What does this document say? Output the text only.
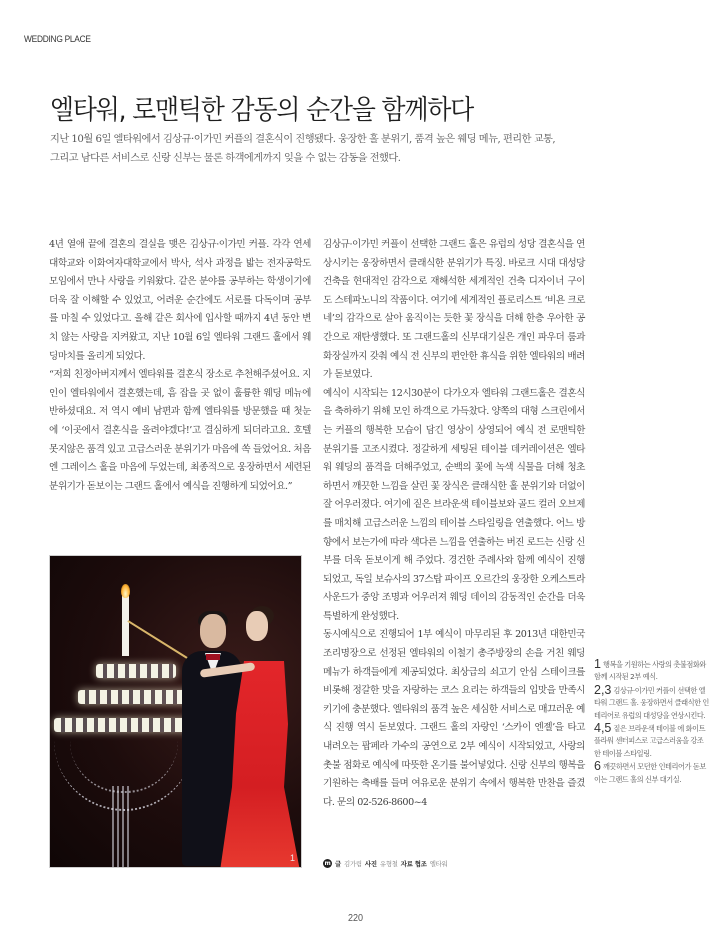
WEDDING PLACE
엘타워, 로맨틱한 감동의 순간을 함께하다

지난 10월 6일 엘타워에서 김상규·이가민 커플의 결혼식이 진행됐다. 웅장한 홀 분위기, 품격 높은 웨딩 메뉴, 편리한 교통,

그리고 남다른 서비스로 신랑 신부는 물론 하객에게까지 잊을 수 없는 감동을 전했다.

4년 열애 끝에 결혼의 결실을 맺은 김상규·이가민 커플. 각각 연세대학교와 이화여자대학교에서 박사, 석사 과정을 밟는 전자공학도 모임에서 만나 사랑을 키워왔다. 같은 분야를 공부하는 학생이기에 더욱 잘 이해할 수 있었고, 어려운 순간에도 서로를 다독이며 공부를 마칠 수 있었다고. 올해 같은 회사에 입사할 때까지 4년 동안 변치 않는 사랑을 지켜왔고, 지난 10월 6일 엘타워 그랜드 홀에서 웨딩마치를 올리게 되었다.

“저희 친정아버지께서 엘타워를 결혼식 장소로 추천해주셨어요. 지인이 엘타워에서 결혼했는데, 흠 잡을 곳 없이 훌륭한 웨딩 메뉴에 반하셨대요. 저 역시 예비 남편과 함께 엘타워를 방문했을 때 첫눈에 ‘이곳에서 결혼식을 올려야겠다!’고 결심하게 되더라고요. 호텔 못지않은 품격 있고 고급스러운 분위기가 마음에 쏙 들었어요. 처음엔 그레이스 홀을 마음에 두었는데, 최종적으로 웅장하면서 세련된 분위기가 돋보이는 그랜드 홀에서 예식을 진행하게 되었어요.”

1

김상규·이가민 커플이 선택한 그랜드 홀은 유럽의 성당 결혼식을 연상시키는 웅장하면서 클래식한 분위기가 특징. 바로크 시대 대성당 건축을 현대적인 감각으로 재해석한 세계적인 건축 디자이너 구이도 스테파노니의 작품이다. 여기에 세계적인 플로리스트 ‘비욘 크로네’의 감각으로 살아 움직이는 듯한 꽃 장식을 더해 한층 우아한 공간으로 재탄생했다. 또 그랜드홀의 신부대기실은 개인 파우더 룸과 화장실까지 갖춰 예식 전 신부의 편안한 휴식을 위한 엘타워의 배려가 돋보였다.

예식이 시작되는 12시30분이 다가오자 엘타워 그랜드홀은 결혼식을 축하하기 위해 모인 하객으로 가득찼다. 양쪽의 대형 스크린에서는 커플의 행복한 모습이 담긴 영상이 상영되어 예식 전 로맨틱한 분위기를 고조시켰다. 정갈하게 세팅된 테이블 데커레이션은 엘타워 웨딩의 품격을 더해주었고, 순백의 꽃에 녹색 식물을 더해 청초하면서 깨끗한 느낌을 살린 꽃 장식은 클래식한 홀 분위기와 더없이 잘 어우러졌다. 여기에 짙은 브라운색 테이블보와 골드 컬러 오브제를 매치해 고급스러운 느낌의 테이블 스타일링을 연출했다. 어느 방향에서 보는가에 따라 색다른 느낌을 연출하는 버진 로드는 신랑 신부를 더욱 돋보이게 해 주었다. 경건한 주례사와 함께 예식이 진행되었고, 독일 보슈사의 37스탑 파이프 오르간의 웅장한 오케스트라 사운드가 중앙 조명과 어우러져 웨딩 데이의 감동적인 순간을 더욱 특별하게 완성했다.

동시예식으로 진행되어 1부 예식이 마무리된 후 2013년 대한민국 조리명장으로 선정된 엘타워의 이철기 총주방장의 손을 거친 웨딩 메뉴가 하객들에게 제공되었다. 최상급의 쇠고기 안심 스테이크를 비롯해 정갈한 맛을 자랑하는 코스 요리는 하객들의 입맛을 만족시키기에 충분했다. 엘타워의 품격 높은 세심한 서비스로 매끄러운 예식 진행 역시 돋보였다. 그랜드 홀의 자랑인 ‘스카이 엔젤’을 타고 내려오는 팝페라 가수의 공연으로 2부 예식이 시작되었고, 사랑의 촛불 점화로 예식에 따뜻한 온기를 불어넣었다. 신랑 신부의 행복을 기원하는 축배를 들며 여유로운 분위기 속에서 행복한 만찬을 즐겼다. 문의 02-526-8600~4

m 글 김가림 사진 유형철 자료 협조 엘타워

1 행복을 기원하는 사랑의 촛불점화와 함께 시작된 2부 예식.

2,3 김상규·이가민 커플이 선택한 엘타워 그랜드 홀. 웅장하면서 클래식한 인테리어로 유럽의 대성당을 연상시킨다.

4,5 짙은 브라운색 테이블 에 화이트 플라워 센터피스로 고급스러움을 강조한 테이블 스타일링.

6 깨끗하면서 모던한 인테리어가 돋보이는 그랜드 홀의 신부 대기실.

220
